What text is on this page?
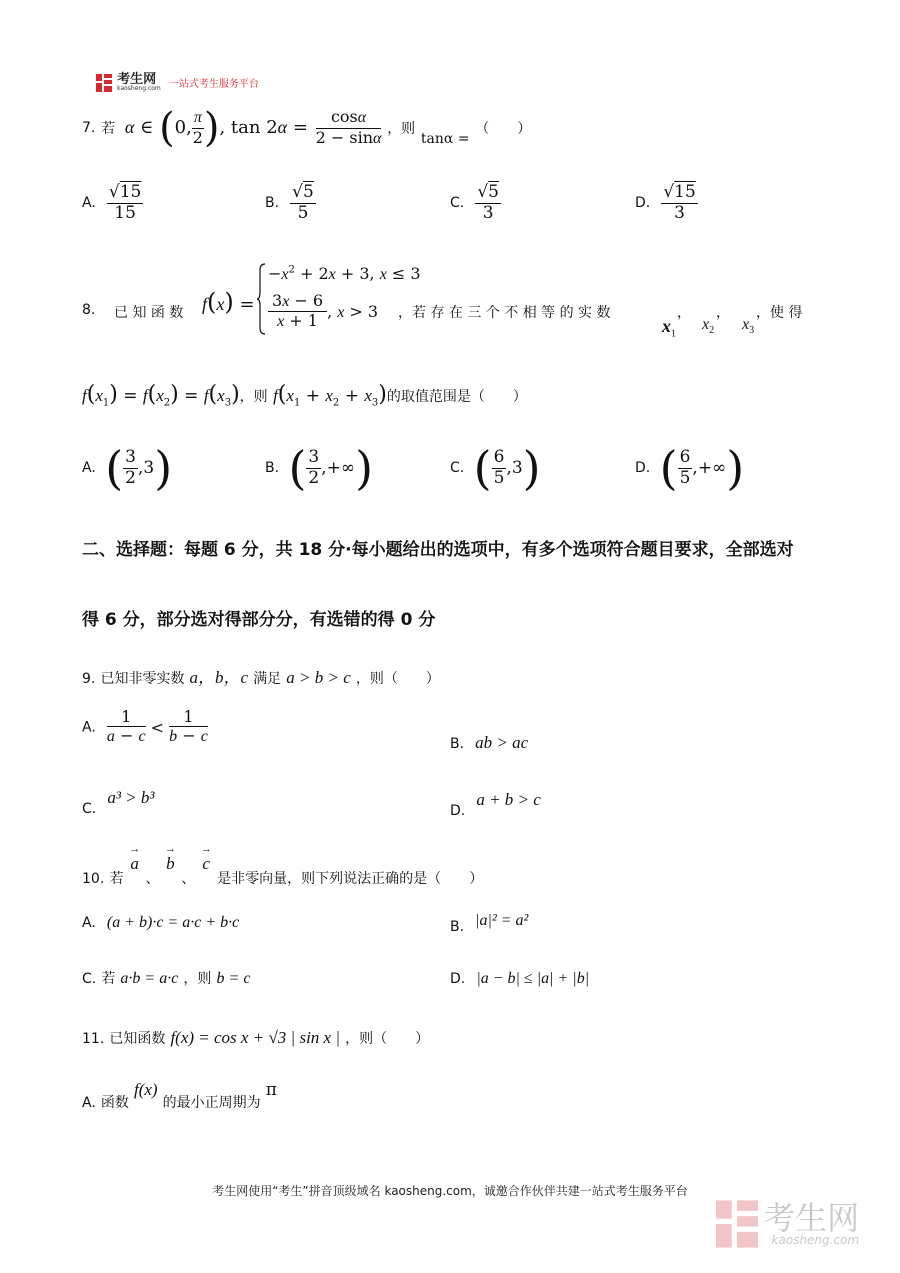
考生网
kaosheng.com 一站式考生服务平台
7. 若 α ∈ (0, $\frac{\pi}{2}$ ), $\tan 2\alpha = \frac{\cos\alpha}{2 - \sin\alpha}$ ，则 $_{tan\alpha =}$ （　　）
A. $\frac{√15}{15}$	B. $\frac{√5}{5}$	C. $\frac{√5}{3}$	D. $\frac{√15}{3}$
8. 已 知 函 数 f(x) =
$-x^2 + 2x + 3$, x ≤ 3
$\frac{3x - 6}{x + 1}$ , x > 3 ，若 存 在 三 个 不 相 等 的 实 数
$x_1$
，
$x_2$
，
$x_3$
，使 得
$f(x_1) = f(x_2) = f(x_3)$，则 $f(x_1 + x_2 + x_3)$的取值范围是（　　）
A. ( $\frac{3}{2} ,3$)	B. ( $\frac{3}{2}$ ,+∞)	C. ( $\frac{6}{5} ,3$)	D. ( $\frac{6}{5}$ ,+∞)
二、选择题：每题 6 分，共 18 分·每小题给出的选项中，有多个选项符合题目要求，全部选对
得 6 分，部分选对得部分分，有选错的得 0 分
9. 已知非零实数 a，b，c 满足 a > b > c ，则（　　）
A. $\frac{1}{a - c} < \frac{1}{b - c}$	B. ab > ac
C. a³ > b³
D. a + b > c
$_{10.}$ $_若$
→
a $_、$
→
b $_、$
→
c $_{是非零向量,则下列说法正确的是( )}$
A. (a + b)·c = a·c + b·c	B. |a|² = a²
C. 若 a·b = a·c ，则 b = c	D. |a − b| ≤ |a| + |b|
11. 已知函数 f(x) = cos x + √3 | sin x | ，则（　　）
A. 函数 f(x) 的最小正周期为 π
考生网使用“考生”拼音顶级域名 kaosheng.com，诚邀合作伙伴共建一站式考生服务平台

考生网
kaosheng.com
